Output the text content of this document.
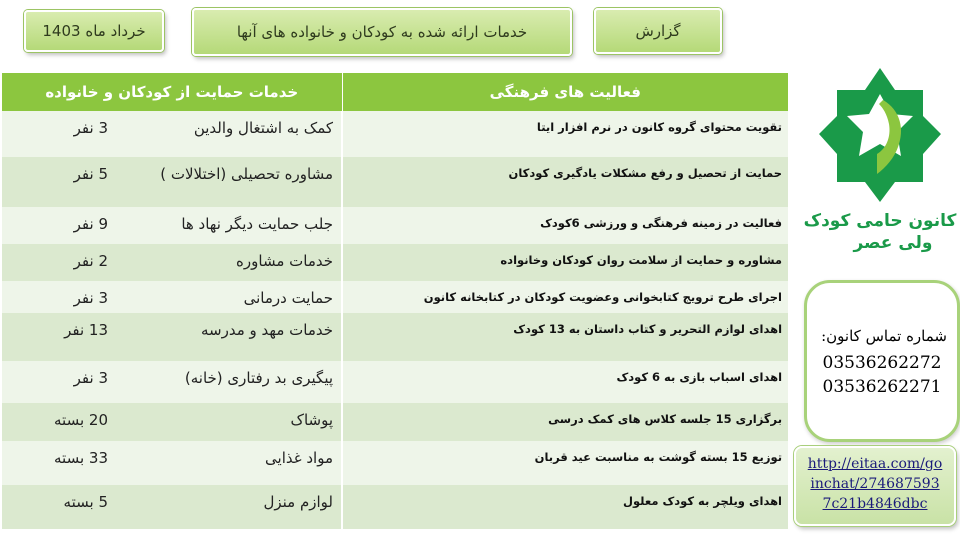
خرداد ماه 1403	خدمات ارائه شده به کودکان و خانواده های آنها	گزارش
خدمات حمایت از کودکان و خانواده		فعالیت های فرهنگی

3 نفر	کمک به اشتغال والدین	تقویت محتوای گروه کانون در نرم افزار ایتا

5 نفر	مشاوره تحصیلی (اختلالات )	حمایت از تحصیل و رفع مشکلات یادگیری کودکان

9 نفر	جلب حمایت دیگر نهاد ها	فعالیت در زمینه فرهنگی و ورزشی 6کودک

2 نفر	خدمات مشاوره	مشاوره و حمایت از سلامت روان کودکان وخانواده

3 نفر	حمایت درمانی	اجرای طرح ترویج کتابخوانی وعضویت کودکان در کتابخانه کانون

13 نفر	خدمات مهد و مدرسه	اهدای لوازم التحریر و کتاب داستان به 13 کودک

3 نفر	پیگیری بد رفتاری (خانه)	اهدای اسباب بازی به 6 کودک

20 بسته	پوشاک	برگزاری 15 جلسه کلاس های کمک درسی

33 بسته	مواد غذایی	توزیع 15 بسته گوشت به مناسبت عید قربان

5 بسته	لوازم منزل	اهدای ویلچر به کودک معلول
کانون حامی کودک
ولی عصر
شماره تماس کانون:
03536262272
03536262271
http://eitaa.com/goinchat/2746875937c21b4846dbc
